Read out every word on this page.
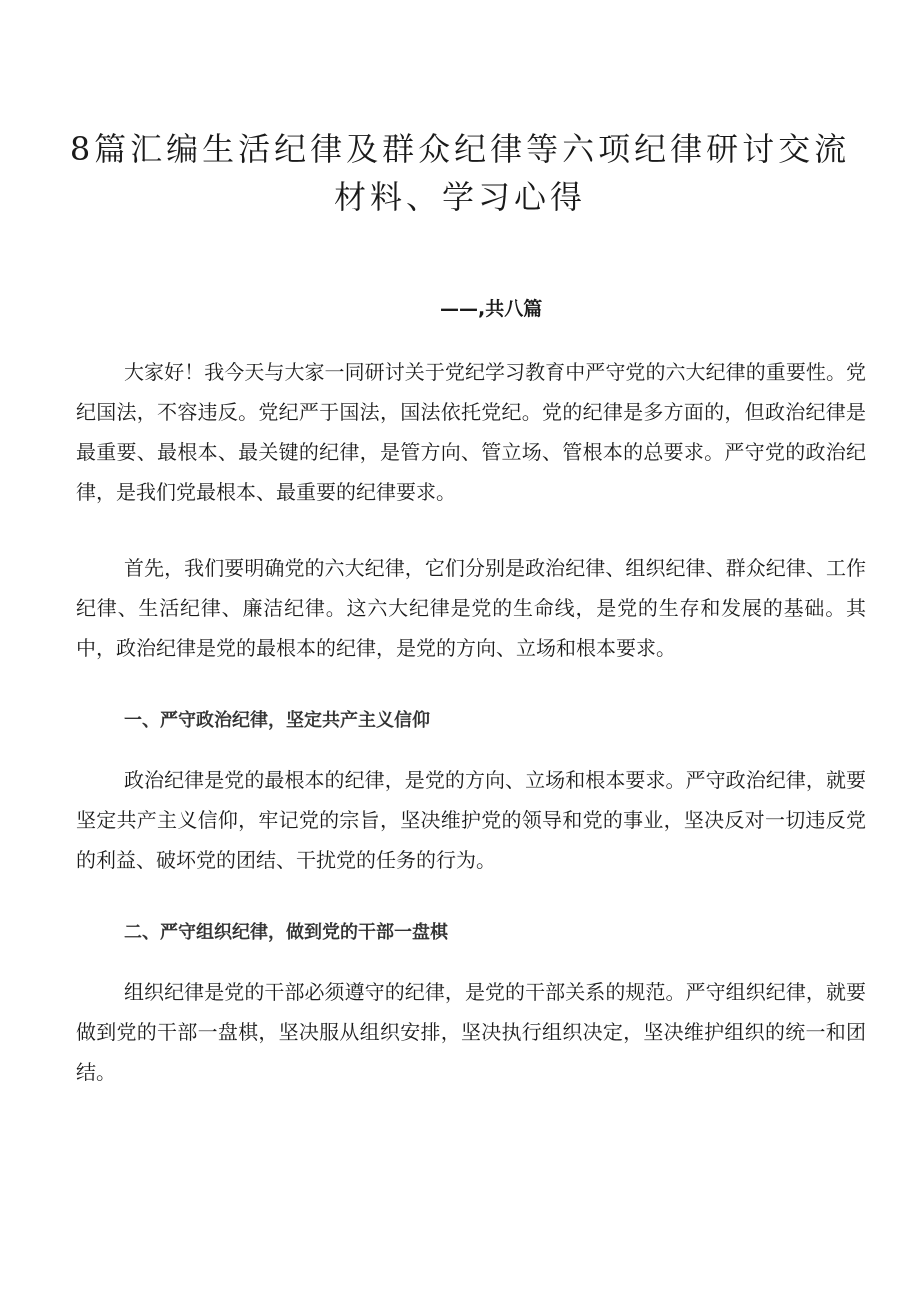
8篇汇编生活纪律及群众纪律等六项纪律研讨交流
材料、学习心得
——,共八篇

大家好！我今天与大家一同研讨关于党纪学习教育中严守党的六大纪律的重要性。党纪国法，不容违反。党纪严于国法，国法依托党纪。党的纪律是多方面的，但政治纪律是最重要、最根本、最关键的纪律，是管方向、管立场、管根本的总要求。严守党的政治纪律，是我们党最根本、最重要的纪律要求。

首先，我们要明确党的六大纪律，它们分别是政治纪律、组织纪律、群众纪律、工作纪律、生活纪律、廉洁纪律。这六大纪律是党的生命线，是党的生存和发展的基础。其中，政治纪律是党的最根本的纪律，是党的方向、立场和根本要求。

一、严守政治纪律，坚定共产主义信仰

政治纪律是党的最根本的纪律，是党的方向、立场和根本要求。严守政治纪律，就要坚定共产主义信仰，牢记党的宗旨，坚决维护党的领导和党的事业，坚决反对一切违反党的利益、破坏党的团结、干扰党的任务的行为。

二、严守组织纪律，做到党的干部一盘棋

组织纪律是党的干部必须遵守的纪律，是党的干部关系的规范。严守组织纪律，就要做到党的干部一盘棋，坚决服从组织安排，坚决执行组织决定，坚决维护组织的统一和团结。
